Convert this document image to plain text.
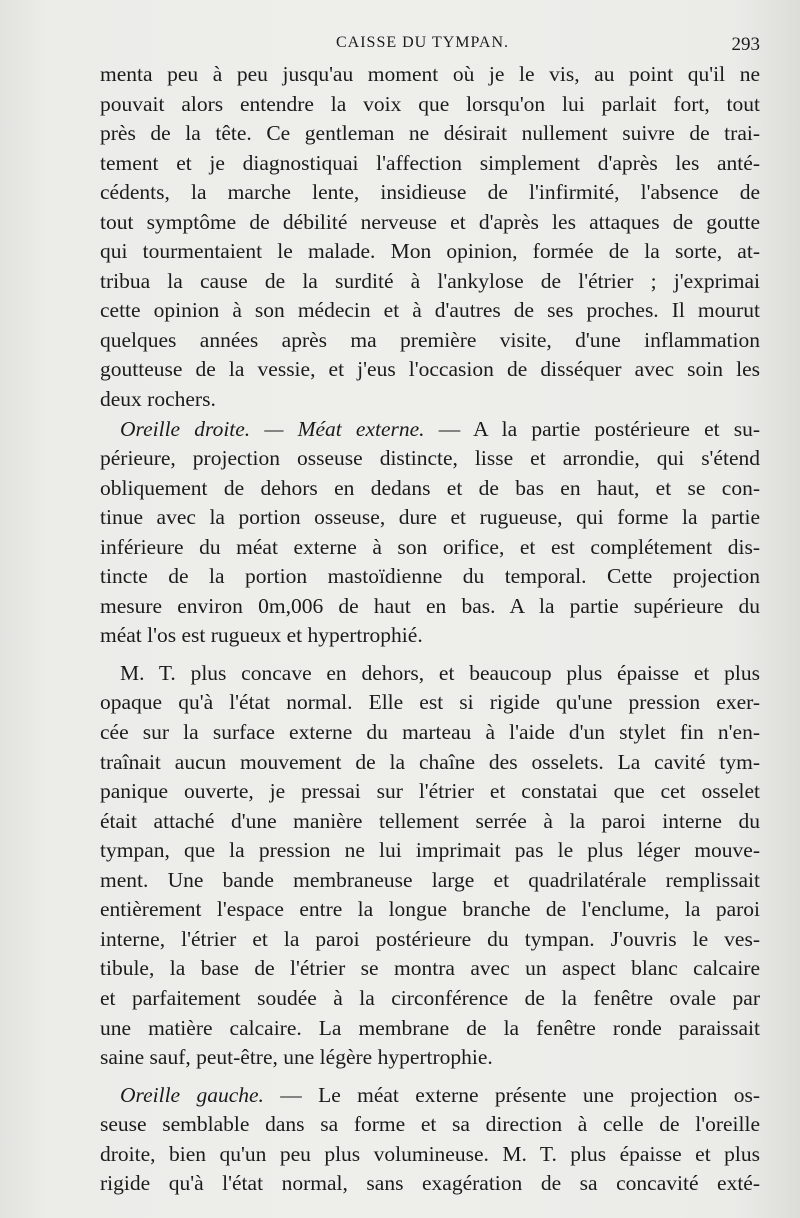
CAISSE DU TYMPAN.	293
menta peu à peu jusqu'au moment où je le vis, au point qu'il ne
pouvait alors entendre la voix que lorsqu'on lui parlait fort, tout
près de la tête. Ce gentleman ne désirait nullement suivre de trai-
tement et je diagnostiquai l'affection simplement d'après les anté-
cédents, la marche lente, insidieuse de l'infirmité, l'absence de
tout symptôme de débilité nerveuse et d'après les attaques de goutte
qui tourmentaient le malade. Mon opinion, formée de la sorte, at-
tribua la cause de la surdité à l'ankylose de l'étrier ; j'exprimai
cette opinion à son médecin et à d'autres de ses proches. Il mourut
quelques années après ma première visite, d'une inflammation
goutteuse de la vessie, et j'eus l'occasion de disséquer avec soin les
deux rochers.
Oreille droite. — Méat externe. — A la partie postérieure et su-
périeure, projection osseuse distincte, lisse et arrondie, qui s'étend
obliquement de dehors en dedans et de bas en haut, et se con-
tinue avec la portion osseuse, dure et rugueuse, qui forme la partie
inférieure du méat externe à son orifice, et est complétement dis-
tincte de la portion mastoïdienne du temporal. Cette projection
mesure environ 0m,006 de haut en bas. A la partie supérieure du
méat l'os est rugueux et hypertrophié.
M. T. plus concave en dehors, et beaucoup plus épaisse et plus
opaque qu'à l'état normal. Elle est si rigide qu'une pression exer-
cée sur la surface externe du marteau à l'aide d'un stylet fin n'en-
traînait aucun mouvement de la chaîne des osselets. La cavité tym-
panique ouverte, je pressai sur l'étrier et constatai que cet osselet
était attaché d'une manière tellement serrée à la paroi interne du
tympan, que la pression ne lui imprimait pas le plus léger mouve-
ment. Une bande membraneuse large et quadrilatérale remplissait
entièrement l'espace entre la longue branche de l'enclume, la paroi
interne, l'étrier et la paroi postérieure du tympan. J'ouvris le ves-
tibule, la base de l'étrier se montra avec un aspect blanc calcaire
et parfaitement soudée à la circonférence de la fenêtre ovale par
une matière calcaire. La membrane de la fenêtre ronde paraissait
saine sauf, peut-être, une légère hypertrophie.
Oreille gauche. — Le méat externe présente une projection os-
seuse semblable dans sa forme et sa direction à celle de l'oreille
droite, bien qu'un peu plus volumineuse. M. T. plus épaisse et plus
rigide qu'à l'état normal, sans exagération de sa concavité exté-
